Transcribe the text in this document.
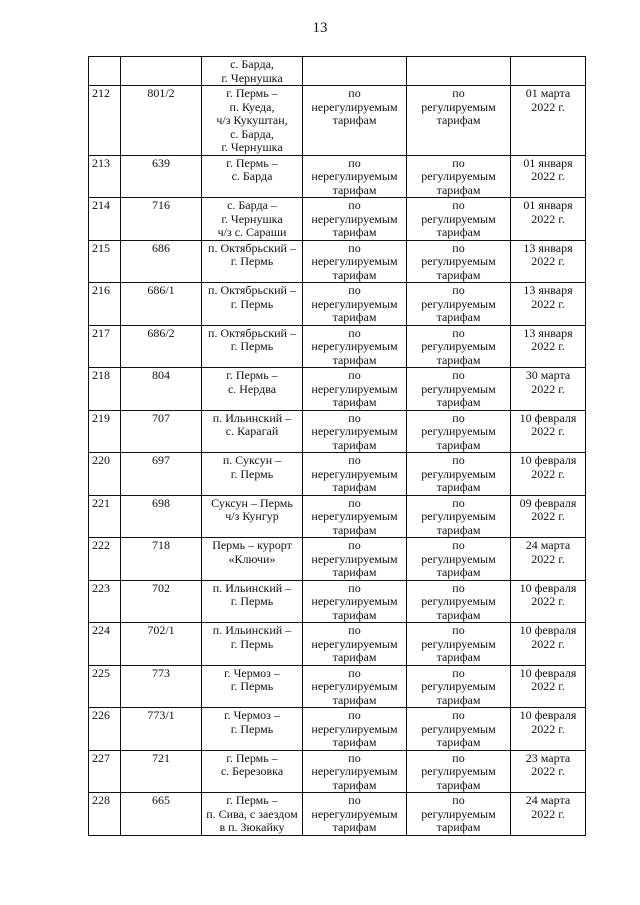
13
		с. Барда,
г. Чернушка			
212	801/2	г. Пермь –
п. Куеда,
ч/з Кукуштан,
с. Барда,
г. Чернушка	по
нерегулируемым
тарифам	по
регулируемым
тарифам	01 марта
2022 г.
213	639	г. Пермь –
с. Барда	по
нерегулируемым
тарифам	по
регулируемым
тарифам	01 января
2022 г.
214	716	с. Барда –
г. Чернушка
ч/з с. Сараши	по
нерегулируемым
тарифам	по
регулируемым
тарифам	01 января
2022 г.
215	686	п. Октябрьский –
г. Пермь	по
нерегулируемым
тарифам	по
регулируемым
тарифам	13 января
2022 г.
216	686/1	п. Октябрьский –
г. Пермь	по
нерегулируемым
тарифам	по
регулируемым
тарифам	13 января
2022 г.
217	686/2	п. Октябрьский –
г. Пермь	по
нерегулируемым
тарифам	по
регулируемым
тарифам	13 января
2022 г.
218	804	г. Пермь –
с. Нердва	по
нерегулируемым
тарифам	по
регулируемым
тарифам	30 марта
2022 г.
219	707	п. Ильинский –
с. Карагай	по
нерегулируемым
тарифам	по
регулируемым
тарифам	10 февраля
2022 г.
220	697	п. Суксун –
г. Пермь	по
нерегулируемым
тарифам	по
регулируемым
тарифам	10 февраля
2022 г.
221	698	Суксун – Пермь
ч/з Кунгур	по
нерегулируемым
тарифам	по
регулируемым
тарифам	09 февраля
2022 г.
222	718	Пермь – курорт
«Ключи»	по
нерегулируемым
тарифам	по
регулируемым
тарифам	24 марта
2022 г.
223	702	п. Ильинский –
г. Пермь	по
нерегулируемым
тарифам	по
регулируемым
тарифам	10 февраля
2022 г.
224	702/1	п. Ильинский –
г. Пермь	по
нерегулируемым
тарифам	по
регулируемым
тарифам	10 февраля
2022 г.
225	773	г. Чермоз –
г. Пермь	по
нерегулируемым
тарифам	по
регулируемым
тарифам	10 февраля
2022 г.
226	773/1	г. Чермоз –
г. Пермь	по
нерегулируемым
тарифам	по
регулируемым
тарифам	10 февраля
2022 г.
227	721	г. Пермь –
с. Березовка	по
нерегулируемым
тарифам	по
регулируемым
тарифам	23 марта
2022 г.
228	665	г. Пермь –
п. Сива, с заездом
в п. Зюкайку	по
нерегулируемым
тарифам	по
регулируемым
тарифам	24 марта
2022 г.
